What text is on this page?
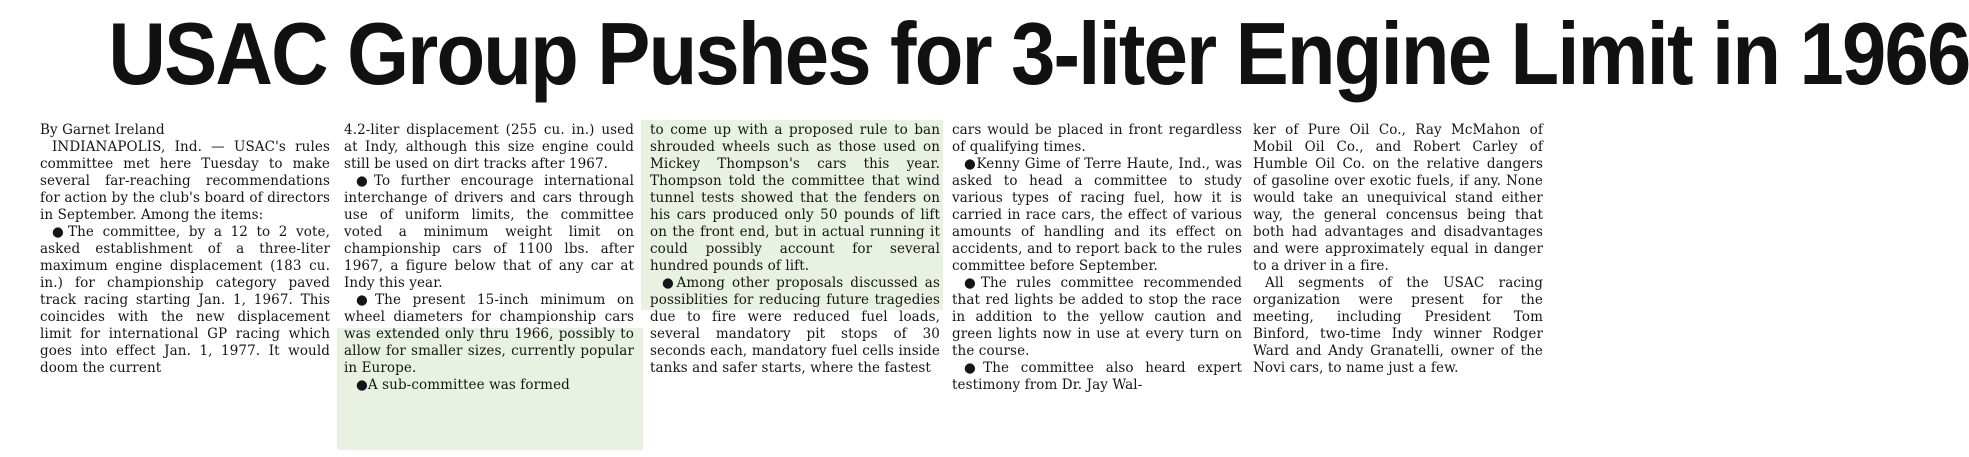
USAC Group Pushes for 3-liter Engine Limit in 1966

By Garnet Ireland

INDIANAPOLIS, Ind. — USAC's rules committee met here Tuesday to make several far-reaching recommendations for action by the club's board of directors in September. Among the items:

●The committee, by a 12 to 2 vote, asked establishment of a three-liter maximum engine displacement (183 cu. in.) for championship category paved track racing starting Jan. 1, 1967. This coincides with the new displacement limit for international GP racing which goes into effect Jan. 1, 1977. It would doom the current

4.2-liter displacement (255 cu. in.) used at Indy, although this size engine could still be used on dirt tracks after 1967.

●To further encourage international interchange of drivers and cars through use of uniform limits, the committee voted a minimum weight limit on championship cars of 1100 lbs. after 1967, a figure below that of any car at Indy this year.

●The present 15-inch minimum on wheel diameters for championship cars was extended only thru 1966, possibly to allow for smaller sizes, currently popular in Europe.

●A sub-committee was formed

to come up with a proposed rule to ban shrouded wheels such as those used on Mickey Thompson's cars this year. Thompson told the committee that wind tunnel tests showed that the fenders on his cars produced only 50 pounds of lift on the front end, but in actual running it could possibly account for several hundred pounds of lift.

●Among other proposals discussed as possiblities for reducing future tragedies due to fire were reduced fuel loads, several mandatory pit stops of 30 seconds each, mandatory fuel cells inside tanks and safer starts, where the fastest

cars would be placed in front regardless of qualifying times.

●Kenny Gime of Terre Haute, Ind., was asked to head a committee to study various types of racing fuel, how it is carried in race cars, the effect of various amounts of handling and its effect on accidents, and to report back to the rules committee before September.

●The rules committee recommended that red lights be added to stop the race in addition to the yellow caution and green lights now in use at every turn on the course.

●The committee also heard expert testimony from Dr. Jay Wal-

ker of Pure Oil Co., Ray McMahon of Mobil Oil Co., and Robert Carley of Humble Oil Co. on the relative dangers of gasoline over exotic fuels, if any. None would take an unequivical stand either way, the general concensus being that both had advantages and disadvantages and were approximately equal in danger to a driver in a fire.

All segments of the USAC racing organization were present for the meeting, including President Tom Binford, two-time Indy winner Rodger Ward and Andy Granatelli, owner of the Novi cars, to name just a few.
